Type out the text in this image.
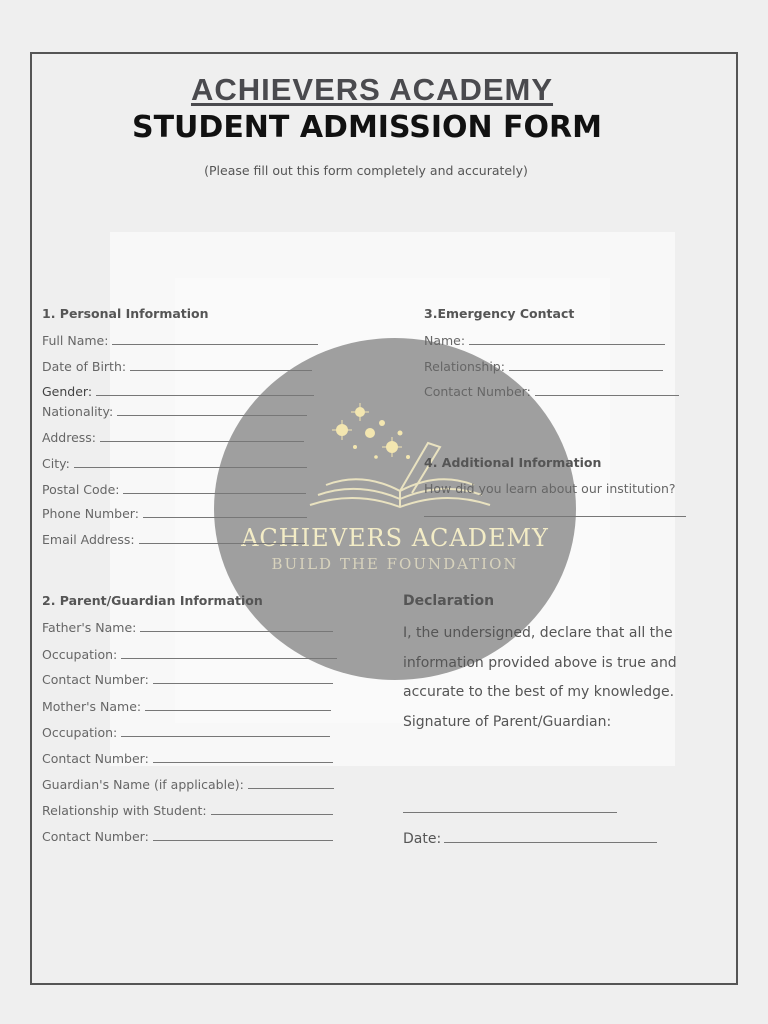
ACHIEVERS ACADEMY
STUDENT ADMISSION FORM
(Please fill out this form completely and accurately)
ACHIEVERS ACADEMY
BUILD THE FOUNDATION
1. Personal Information
Full Name:
Date of Birth:
Gender:
Nationality:
Address:
City:
Postal Code:
Phone Number:
Email Address:
3.Emergency Contact
Name:
Relationship:
Contact Number:
4. Additional Information
How did you learn about our institution?
2. Parent/Guardian Information
Father's Name:
Occupation:
Contact Number:
Mother's Name:
Occupation:
Contact Number:
Guardian's Name (if applicable):
Relationship with Student:
Contact Number:
Declaration
I, the undersigned, declare that all the information provided above is true and accurate to the best of my knowledge.
Signature of Parent/Guardian:
Date:
